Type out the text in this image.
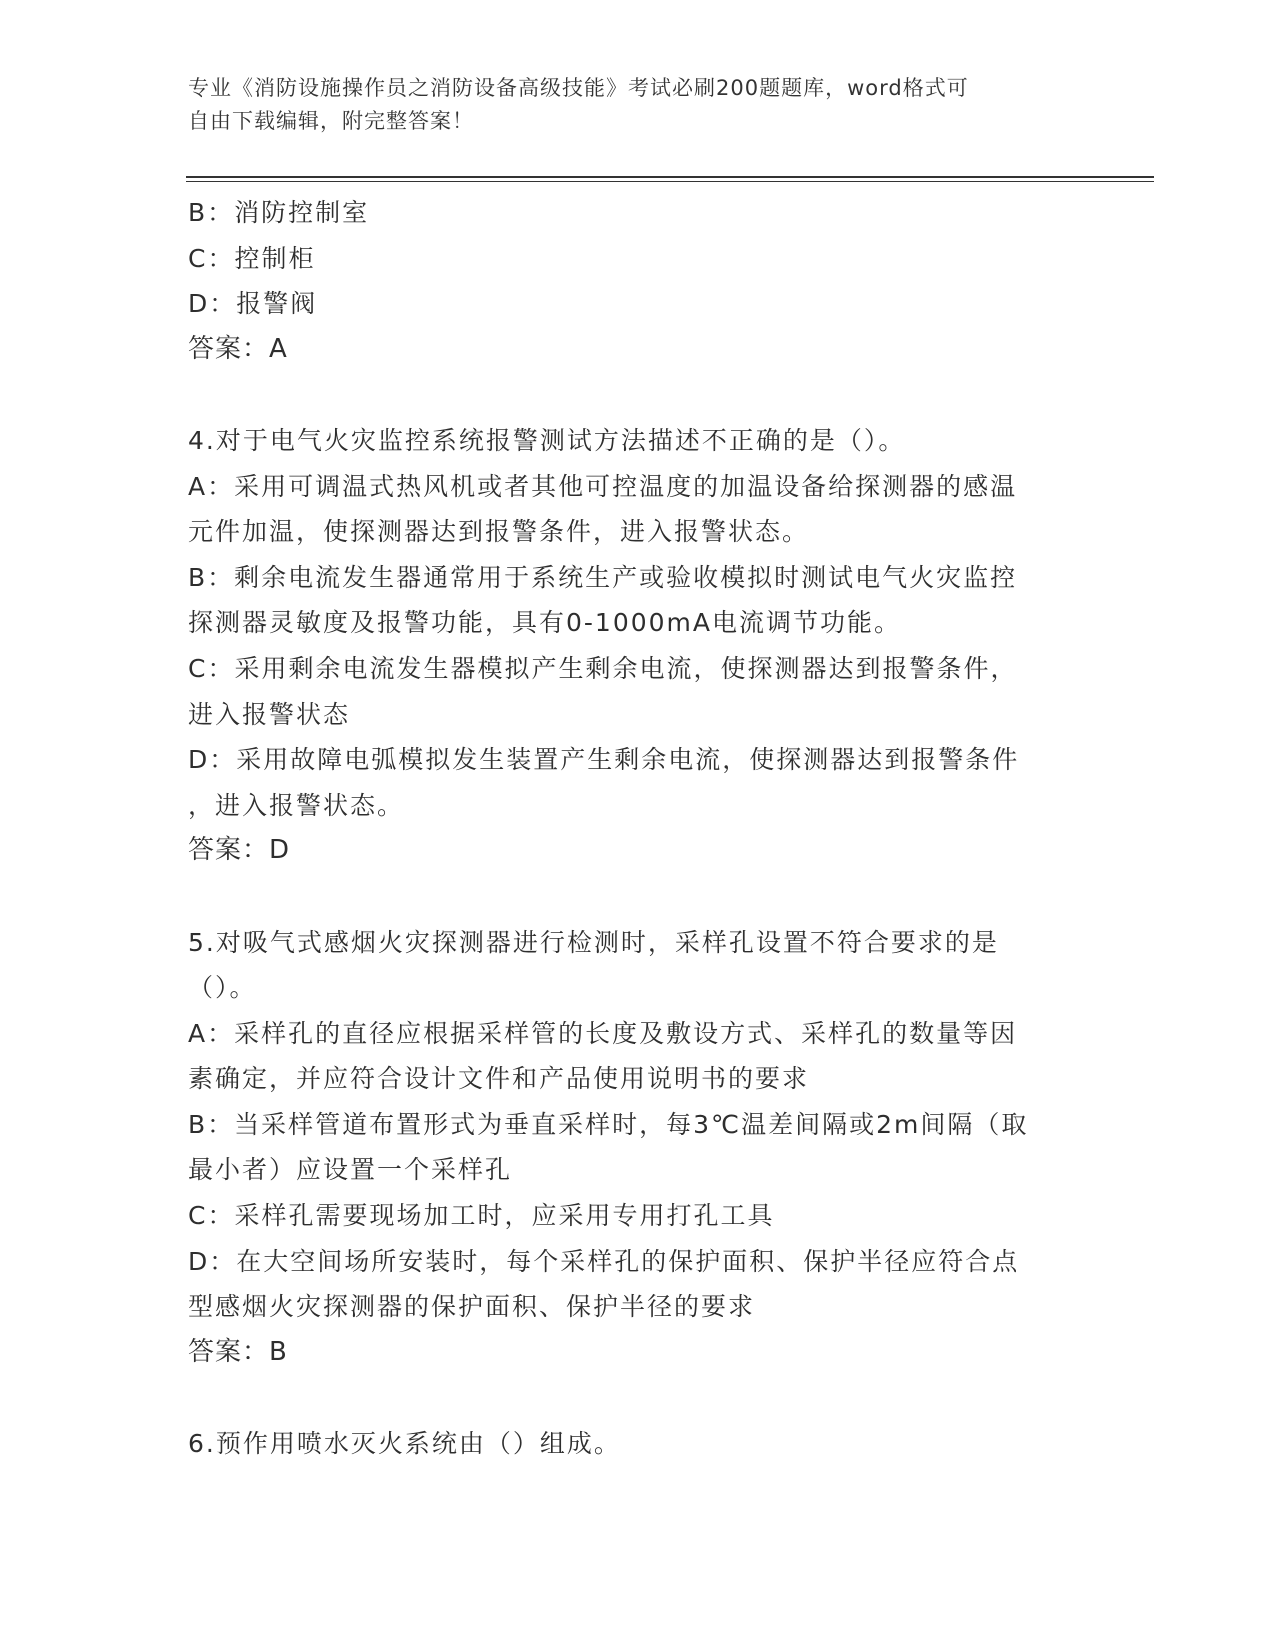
专业《消防设施操作员之消防设备高级技能》考试必刷200题题库，word格式可
自由下载编辑，附完整答案！
B：消防控制室
C：控制柜
D：报警阀
答案：A
4.对于电气火灾监控系统报警测试方法描述不正确的是（）。
A：采用可调温式热风机或者其他可控温度的加温设备给探测器的感温
元件加温，使探测器达到报警条件，进入报警状态。
B：剩余电流发生器通常用于系统生产或验收模拟时测试电气火灾监控
探测器灵敏度及报警功能，具有0-1000mA电流调节功能。
C：采用剩余电流发生器模拟产生剩余电流，使探测器达到报警条件，
进入报警状态
D：采用故障电弧模拟发生装置产生剩余电流，使探测器达到报警条件
，进入报警状态。
答案：D
5.对吸气式感烟火灾探测器进行检测时，采样孔设置不符合要求的是
（）。
A：采样孔的直径应根据采样管的长度及敷设方式、采样孔的数量等因
素确定，并应符合设计文件和产品使用说明书的要求
B：当采样管道布置形式为垂直采样时，每3℃温差间隔或2m间隔（取
最小者）应设置一个采样孔
C：采样孔需要现场加工时，应采用专用打孔工具
D：在大空间场所安装时，每个采样孔的保护面积、保护半径应符合点
型感烟火灾探测器的保护面积、保护半径的要求
答案：B
6.预作用喷水灭火系统由（）组成。
